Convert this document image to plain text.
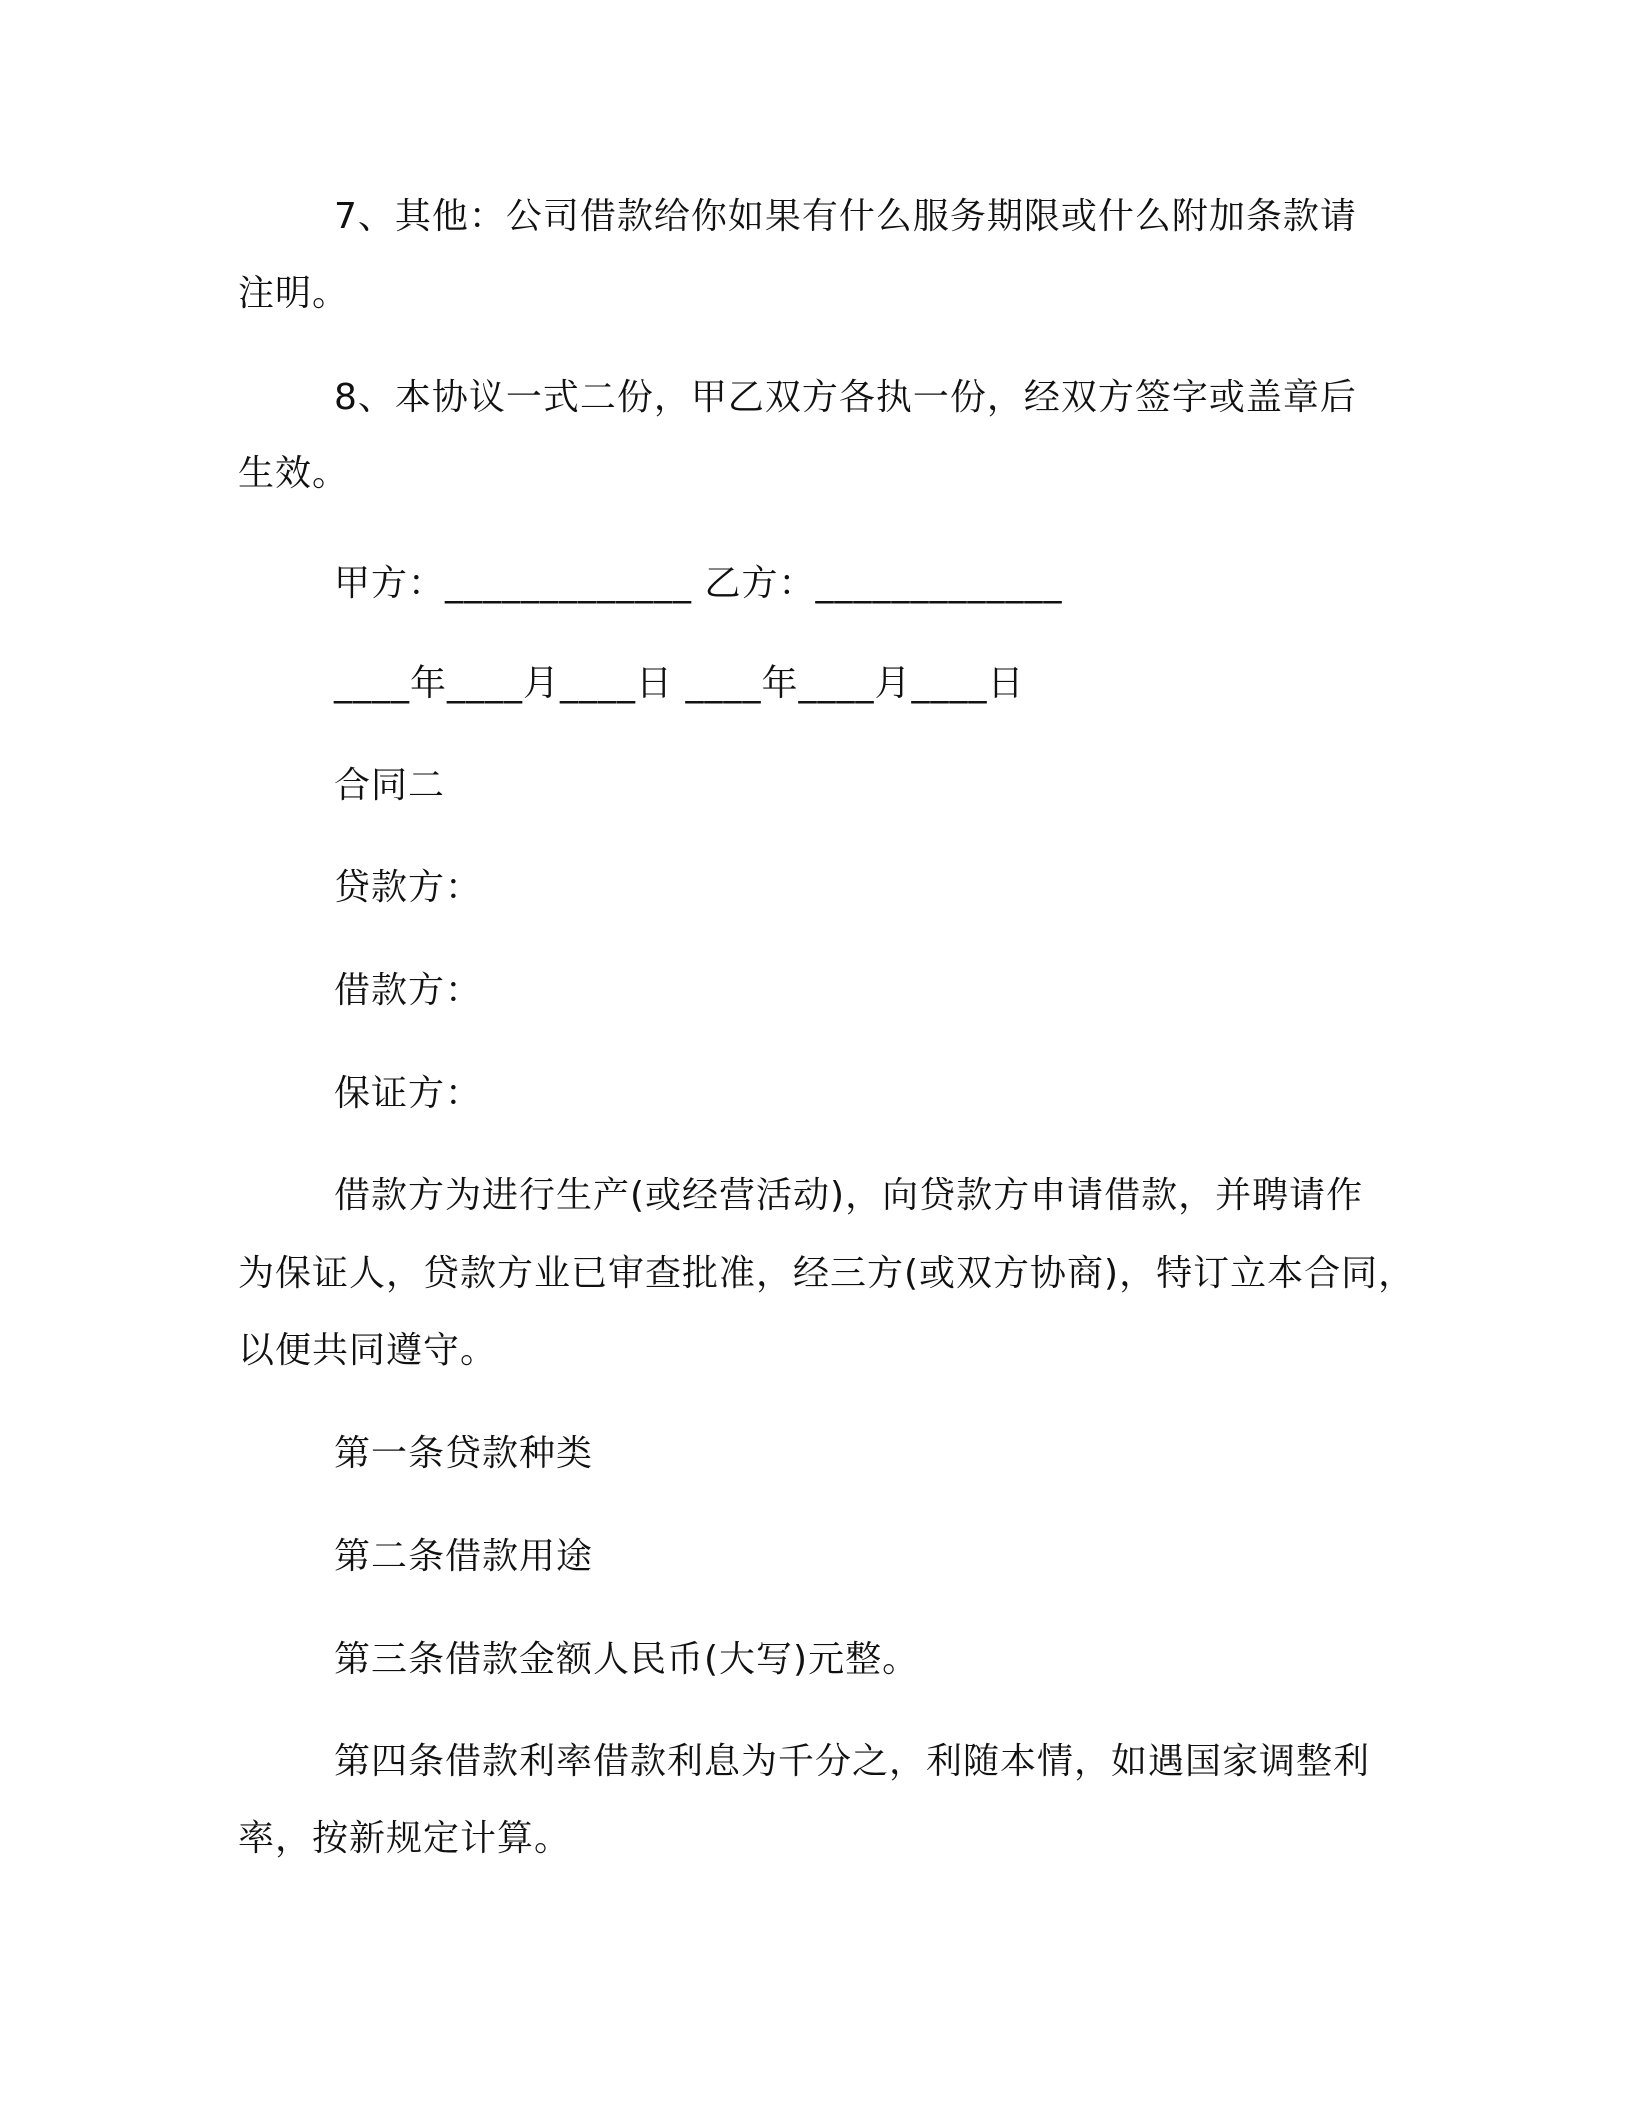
7、其他：公司借款给你如果有什么服务期限或什么附加条款请
注明。
8、本协议一式二份，甲乙双方各执一份，经双方签字或盖章后
生效。
甲方：_____________ 乙方：_____________
____年____月____日 ____年____月____日
合同二
贷款方：
借款方：
保证方：
借款方为进行生产(或经营活动)，向贷款方申请借款，并聘请作
为保证人，贷款方业已审查批准，经三方(或双方协商)，特订立本合同，
以便共同遵守。
第一条贷款种类
第二条借款用途
第三条借款金额人民币(大写)元整。
第四条借款利率借款利息为千分之，利随本情，如遇国家调整利
率，按新规定计算。
